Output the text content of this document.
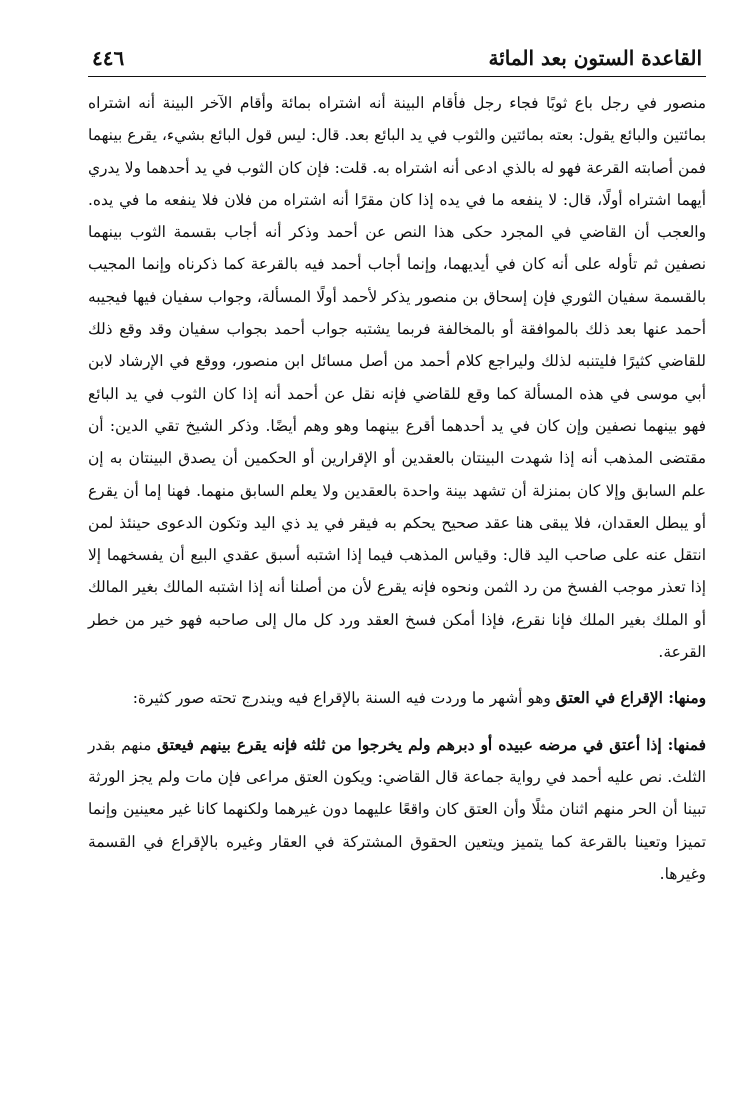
القاعدة الستون بعد المائة
٤٤٦

منصور في رجل باع ثوبًا فجاء رجل فأقام البينة أنه اشتراه بمائة وأقام الآخر البينة أنه اشتراه بمائتين والبائع يقول: بعته بمائتين والثوب في يد البائع بعد. قال: ليس قول البائع بشيء، يقرع بينهما فمن أصابته القرعة فهو له بالذي ادعى أنه اشتراه به. قلت: فإن كان الثوب في يد أحدهما ولا يدري أيهما اشتراه أولًا، قال: لا ينفعه ما في يده إذا كان مقرًا أنه اشتراه من فلان فلا ينفعه ما في يده. والعجب أن القاضي في المجرد حكى هذا النص عن أحمد وذكر أنه أجاب بقسمة الثوب بينهما نصفين ثم تأوله على أنه كان في أيديهما، وإنما أجاب أحمد فيه بالقرعة كما ذكرناه وإنما المجيب بالقسمة سفيان الثوري فإن إسحاق بن منصور يذكر لأحمد أولًا المسألة، وجواب سفيان فيها فيجيبه أحمد عنها بعد ذلك بالموافقة أو بالمخالفة فربما يشتبه جواب أحمد بجواب سفيان وقد وقع ذلك للقاضي كثيرًا فليتنبه لذلك وليراجع كلام أحمد من أصل مسائل ابن منصور، ووقع في الإرشاد لابن أبي موسى في هذه المسألة كما وقع للقاضي فإنه نقل عن أحمد أنه إذا كان الثوب في يد البائع فهو بينهما نصفين وإن كان في يد أحدهما أقرع بينهما وهو وهم أيضًا. وذكر الشيخ تقي الدين: أن مقتضى المذهب أنه إذا شهدت البينتان بالعقدين أو الإقرارين أو الحكمين أن يصدق البينتان به إن علم السابق وإلا كان بمنزلة أن تشهد بينة واحدة بالعقدين ولا يعلم السابق منهما. فهنا إما أن يقرع أو يبطل العقدان، فلا يبقى هنا عقد صحيح يحكم به فيقر في يد ذي اليد وتكون الدعوى حينئذ لمن انتقل عنه على صاحب اليد قال: وقياس المذهب فيما إذا اشتبه أسبق عقدي البيع أن يفسخهما إلا إذا تعذر موجب الفسخ من رد الثمن ونحوه فإنه يقرع لأن من أصلنا أنه إذا اشتبه المالك بغير المالك أو الملك بغير الملك فإنا نقرع، فإذا أمكن فسخ العقد ورد كل مال إلى صاحبه فهو خير من خطر القرعة.

ومنها: الإقراع في العتق وهو أشهر ما وردت فيه السنة بالإقراع فيه ويندرج تحته صور كثيرة:

فمنها: إذا أعتق في مرضه عبيده أو دبرهم ولم يخرجوا من ثلثه فإنه يقرع بينهم فيعتق منهم بقدر الثلث. نص عليه أحمد في رواية جماعة قال القاضي: ويكون العتق مراعى فإن مات ولم يجز الورثة تبينا أن الحر منهم اثنان مثلًا وأن العتق كان واقعًا عليهما دون غيرهما ولكنهما كانا غير معينين وإنما تميزا وتعينا بالقرعة كما يتميز ويتعين الحقوق المشتركة في العقار وغيره بالإقراع في القسمة وغيرها.
